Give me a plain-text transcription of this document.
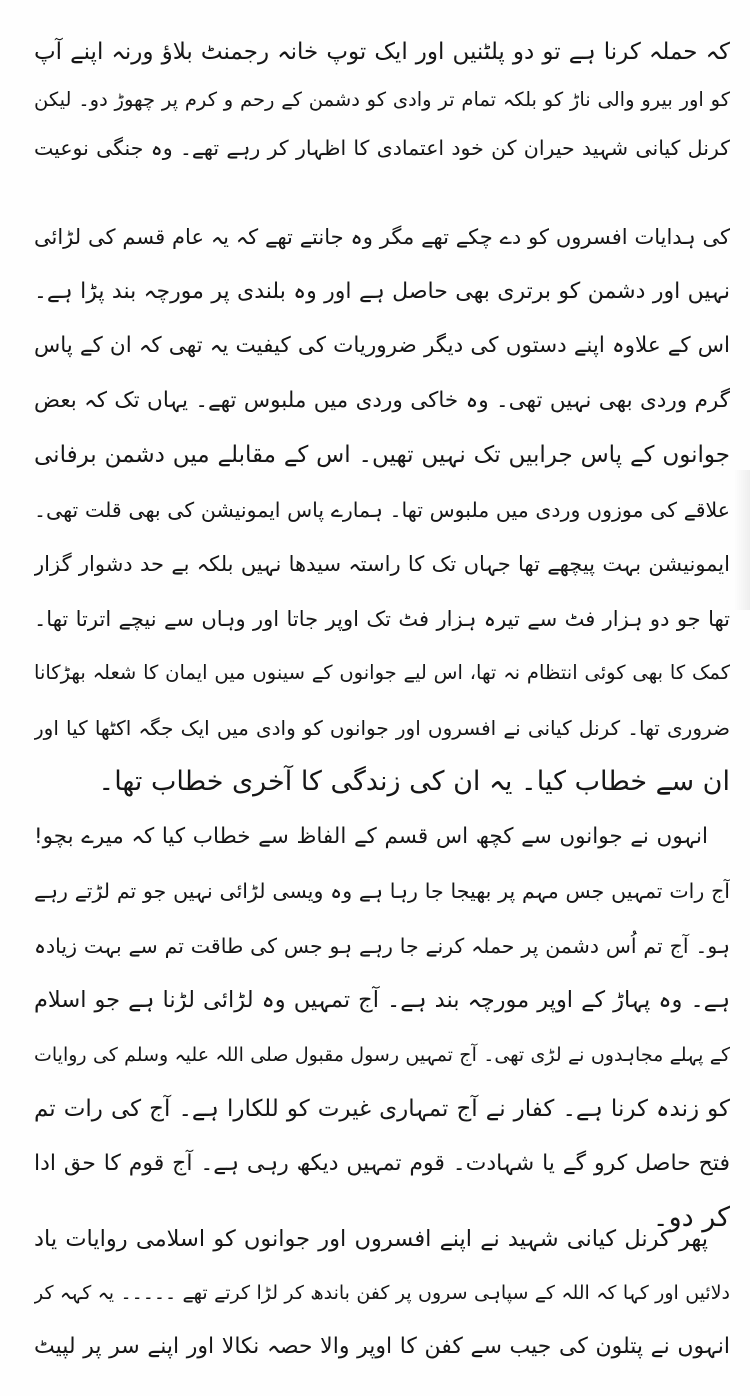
کہ حملہ کرنا ہے تو دو پلٹنیں اور ایک توپ خانہ رجمنٹ بلاؤ ورنہ اپنے آپ
کو اور بیرو والی ناڑ کو بلکہ تمام تر وادی کو دشمن کے رحم و کرم پر چھوڑ دو۔ لیکن
کرنل کیانی شہید حیران کن خود اعتمادی کا اظہار کر رہے تھے۔ وہ جنگی نوعیت
کی ہدایات افسروں کو دے چکے تھے مگر وہ جانتے تھے کہ یہ عام قسم کی لڑائی
نہیں اور دشمن کو برتری بھی حاصل ہے اور وہ بلندی پر مورچہ بند پڑا ہے۔
اس کے علاوہ اپنے دستوں کی دیگر ضروریات کی کیفیت یہ تھی کہ ان کے پاس
گرم وردی بھی نہیں تھی۔ وہ خاکی وردی میں ملبوس تھے۔ یہاں تک کہ بعض
جوانوں کے پاس جرابیں تک نہیں تھیں۔ اس کے مقابلے میں دشمن برفانی
علاقے کی موزوں وردی میں ملبوس تھا۔ ہمارے پاس ایمونیشن کی بھی قلت تھی۔
ایمونیشن بہت پیچھے تھا جہاں تک کا راستہ سیدھا نہیں بلکہ بے حد دشوار گزار
تھا جو دو ہزار فٹ سے تیرہ ہزار فٹ تک اوپر جاتا اور وہاں سے نیچے اترتا تھا۔
کمک کا بھی کوئی انتظام نہ تھا، اس لیے جوانوں کے سینوں میں ایمان کا شعلہ بھڑکانا
ضروری تھا۔ کرنل کیانی نے افسروں اور جوانوں کو وادی میں ایک جگہ اکٹھا کیا اور
ان سے خطاب کیا۔ یہ ان کی زندگی کا آخری خطاب تھا۔
انہوں نے جوانوں سے کچھ اس قسم کے الفاظ سے خطاب کیا کہ میرے بچو!
آج رات تمہیں جس مہم پر بھیجا جا رہا ہے وہ ویسی لڑائی نہیں جو تم لڑتے رہے
ہو۔ آج تم اُس دشمن پر حملہ کرنے جا رہے ہو جس کی طاقت تم سے بہت زیادہ
ہے۔ وہ پہاڑ کے اوپر مورچہ بند ہے۔ آج تمہیں وہ لڑائی لڑنا ہے جو اسلام
کے پہلے مجاہدوں نے لڑی تھی۔ آج تمہیں رسول مقبول صلی اللہ علیہ وسلم کی روایات
کو زندہ کرنا ہے۔ کفار نے آج تمہاری غیرت کو للکارا ہے۔ آج کی رات تم
فتح حاصل کرو گے یا شہادت۔ قوم تمہیں دیکھ رہی ہے۔ آج قوم کا حق ادا
کر دو۔
پھر کرنل کیانی شہید نے اپنے افسروں اور جوانوں کو اسلامی روایات یاد
دلائیں اور کہا کہ اللہ کے سپاہی سروں پر کفن باندھ کر لڑا کرتے تھے ۔۔۔۔۔ یہ کہہ کر
انہوں نے پتلون کی جیب سے کفن کا اوپر والا حصہ نکالا اور اپنے سر پر لپیٹ
